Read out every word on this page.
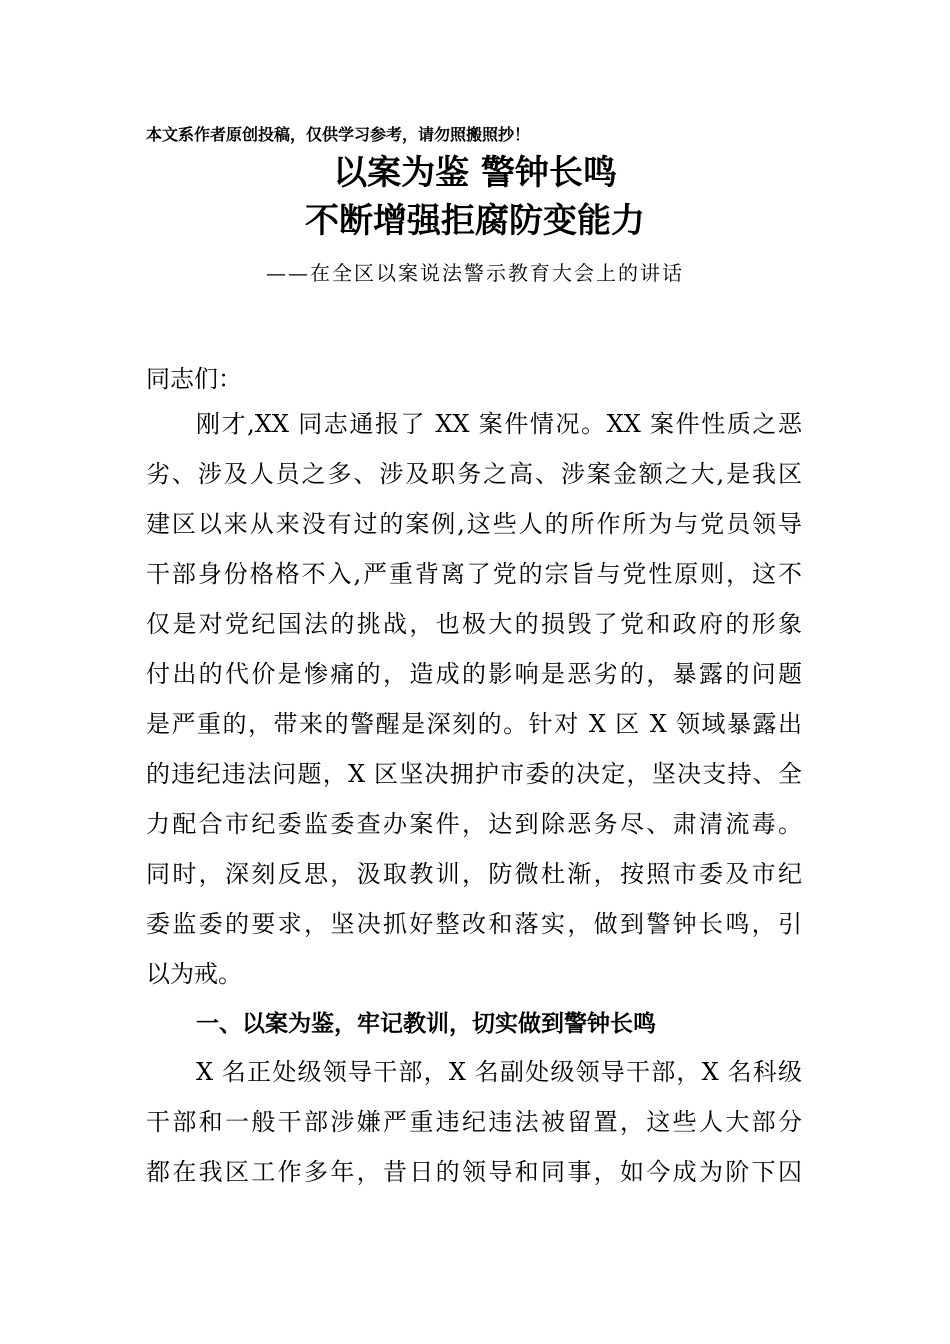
本文系作者原创投稿，仅供学习参考，请勿照搬照抄！
以案为鉴 警钟长鸣
不断增强拒腐防变能力
——在全区以案说法警示教育大会上的讲话
同志们：
刚才,XX 同志通报了 XX 案件情况。XX 案件性质之恶
劣、涉及人员之多、涉及职务之高、涉案金额之大,是我区
建区以来从来没有过的案例,这些人的所作所为与党员领导
干部身份格格不入,严重背离了党的宗旨与党性原则，这不
仅是对党纪国法的挑战，也极大的损毁了党和政府的形象
付出的代价是惨痛的，造成的影响是恶劣的，暴露的问题
是严重的，带来的警醒是深刻的。针对 X 区 X 领域暴露出
的违纪违法问题，X 区坚决拥护市委的决定，坚决支持、全
力配合市纪委监委查办案件，达到除恶务尽、肃清流毒。
同时，深刻反思，汲取教训，防微杜渐，按照市委及市纪
委监委的要求，坚决抓好整改和落实，做到警钟长鸣，引
以为戒。
一、以案为鉴，牢记教训，切实做到警钟长鸣
X 名正处级领导干部，X 名副处级领导干部，X 名科级
干部和一般干部涉嫌严重违纪违法被留置，这些人大部分
都在我区工作多年，昔日的领导和同事，如今成为阶下囚
